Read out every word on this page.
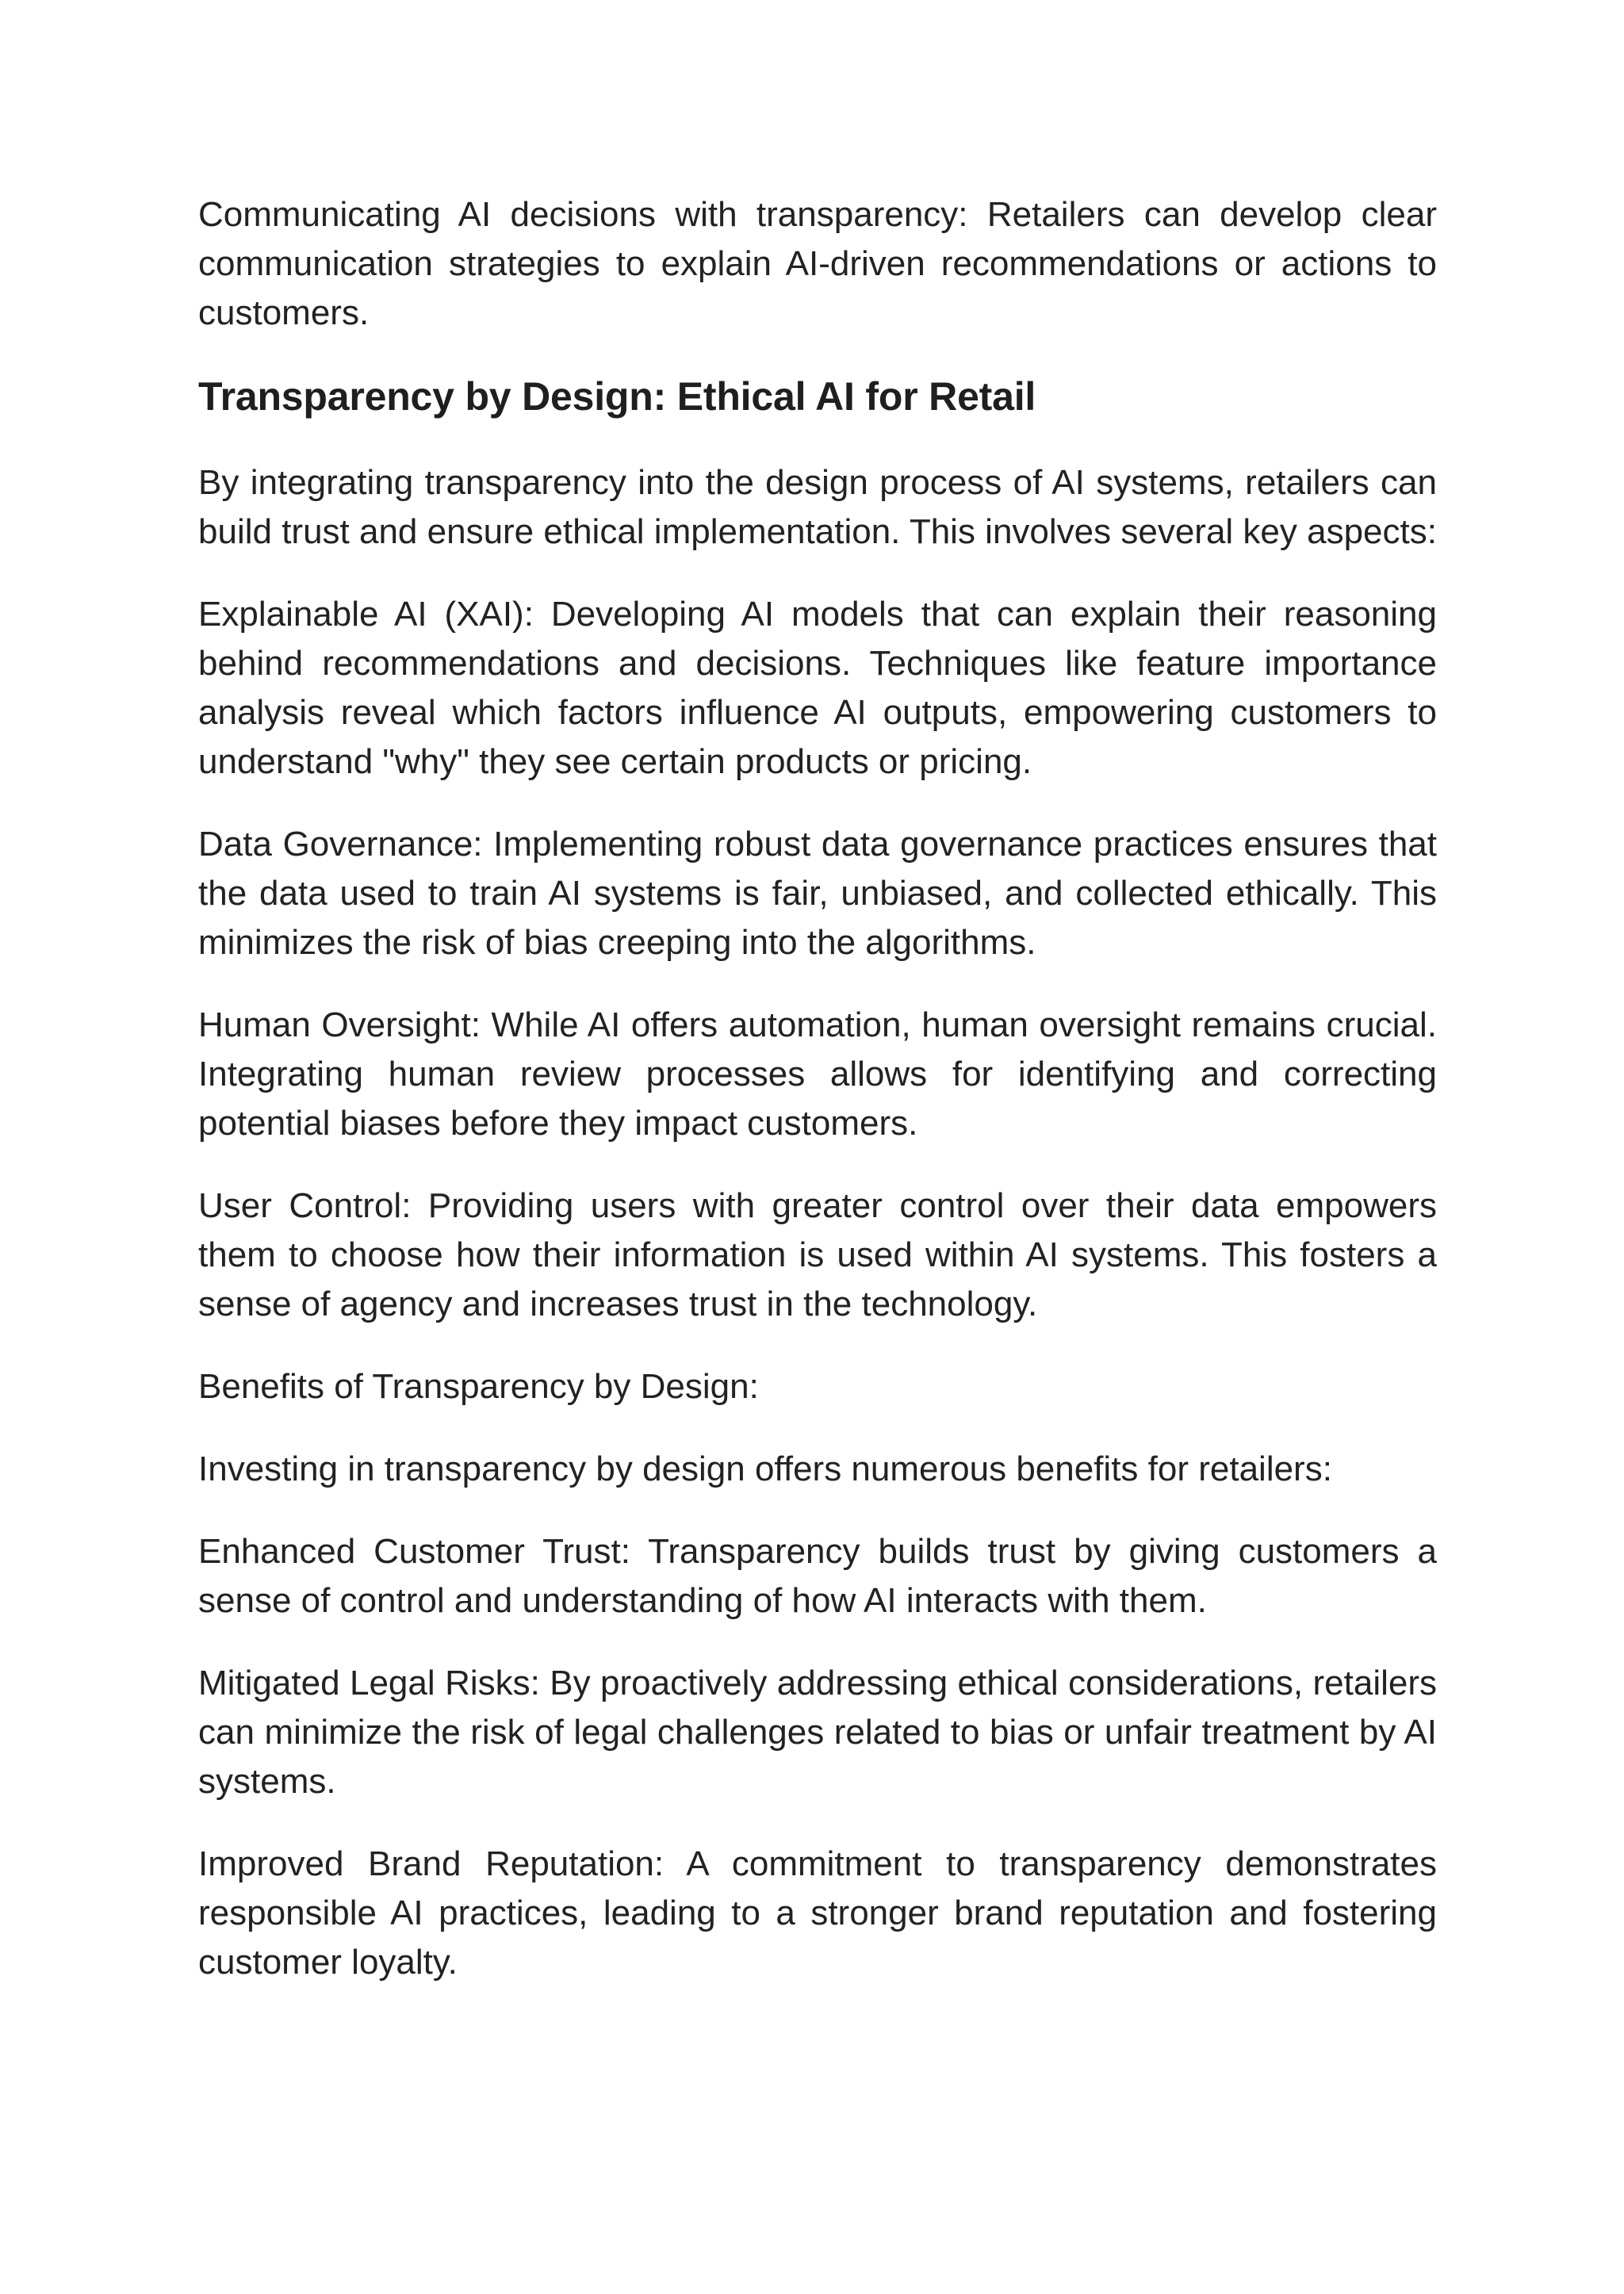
Communicating AI decisions with transparency: Retailers can develop clear communication strategies to explain AI-driven recommendations or actions to customers.

Transparency by Design: Ethical AI for Retail

By integrating transparency into the design process of AI systems, retailers can build trust and ensure ethical implementation. This involves several key aspects:

Explainable AI (XAI): Developing AI models that can explain their reasoning behind recommendations and decisions. Techniques like feature importance analysis reveal which factors influence AI outputs, empowering customers to understand "why" they see certain products or pricing.

Data Governance: Implementing robust data governance practices ensures that the data used to train AI systems is fair, unbiased, and collected ethically. This minimizes the risk of bias creeping into the algorithms.

Human Oversight: While AI offers automation, human oversight remains crucial. Integrating human review processes allows for identifying and correcting potential biases before they impact customers.

User Control: Providing users with greater control over their data empowers them to choose how their information is used within AI systems. This fosters a sense of agency and increases trust in the technology.

Benefits of Transparency by Design:

Investing in transparency by design offers numerous benefits for retailers:

Enhanced Customer Trust: Transparency builds trust by giving customers a sense of control and understanding of how AI interacts with them.

Mitigated Legal Risks: By proactively addressing ethical considerations, retailers can minimize the risk of legal challenges related to bias or unfair treatment by AI systems.

Improved Brand Reputation: A commitment to transparency demonstrates responsible AI practices, leading to a stronger brand reputation and fostering customer loyalty.
